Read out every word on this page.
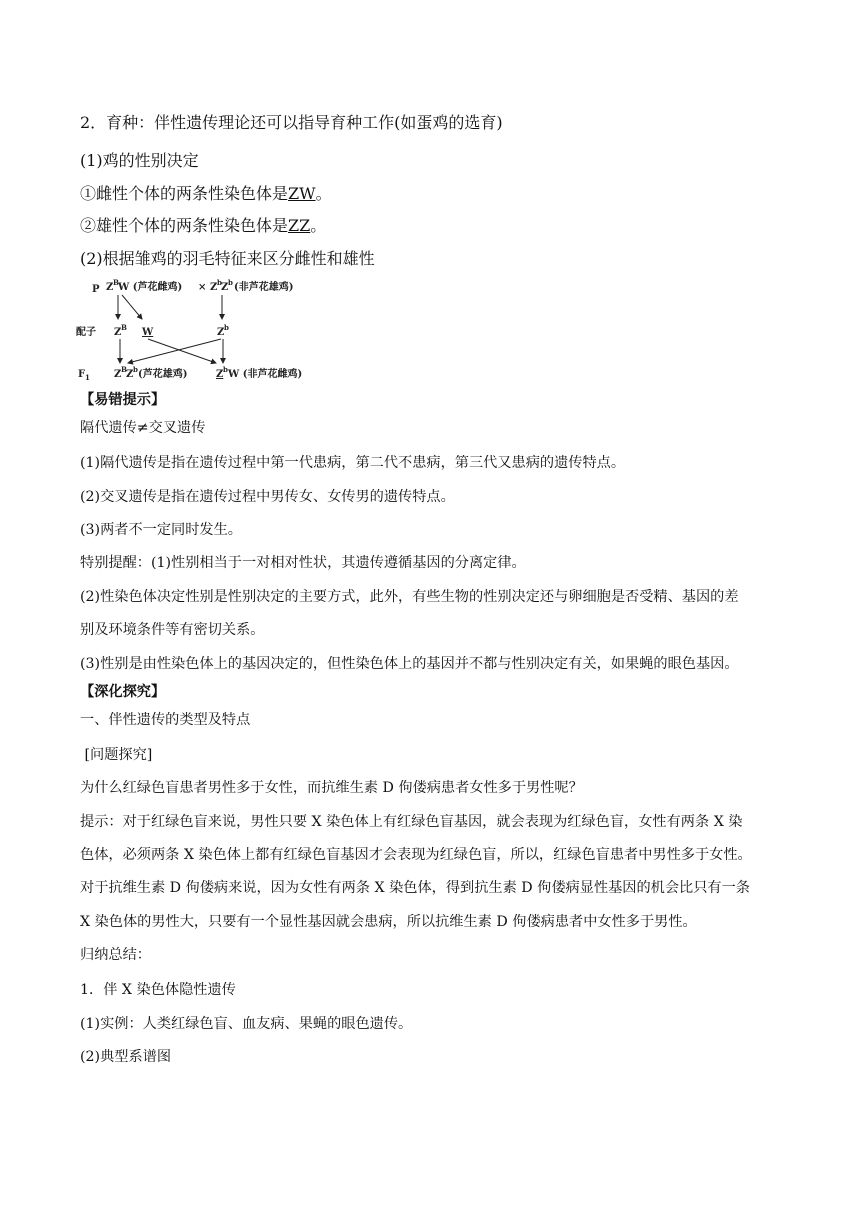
2．育种：伴性遗传理论还可以指导育种工作(如蛋鸡的选育)
(1)鸡的性别决定
①雌性个体的两条性染色体是ZW。
②雄性个体的两条性染色体是ZZ。
(2)根据雏鸡的羽毛特征来区分雌性和雄性
P Z B W (芦花雌鸡) × Z b Z b (非芦花雄鸡)
配子 Z B W	Z b
F 1 Z B Z b (芦花雄鸡)	Z b W (非芦花雌鸡)
【易错提示】
隔代遗传≠交叉遗传
(1)隔代遗传是指在遗传过程中第一代患病，第二代不患病，第三代又患病的遗传特点。
(2)交叉遗传是指在遗传过程中男传女、女传男的遗传特点。
(3)两者不一定同时发生。
特别提醒：(1)性别相当于一对相对性状，其遗传遵循基因的分离定律。
(2)性染色体决定性别是性别决定的主要方式，此外，有些生物的性别决定还与卵细胞是否受精、基因的差
别及环境条件等有密切关系。
(3)性别是由性染色体上的基因决定的，但性染色体上的基因并不都与性别决定有关，如果蝇的眼色基因。
【深化探究】
一、伴性遗传的类型及特点
[问题探究]
为什么红绿色盲患者男性多于女性，而抗维生素 D 佝偻病患者女性多于男性呢？
提示：对于红绿色盲来说，男性只要 X 染色体上有红绿色盲基因，就会表现为红绿色盲，女性有两条 X 染
色体，必须两条 X 染色体上都有红绿色盲基因才会表现为红绿色盲，所以，红绿色盲患者中男性多于女性。
对于抗维生素 D 佝偻病来说，因为女性有两条 X 染色体，得到抗生素 D 佝偻病显性基因的机会比只有一条
X 染色体的男性大，只要有一个显性基因就会患病，所以抗维生素 D 佝偻病患者中女性多于男性。
归纳总结：
1．伴 X 染色体隐性遗传
(1)实例：人类红绿色盲、血友病、果蝇的眼色遗传。
(2)典型系谱图
